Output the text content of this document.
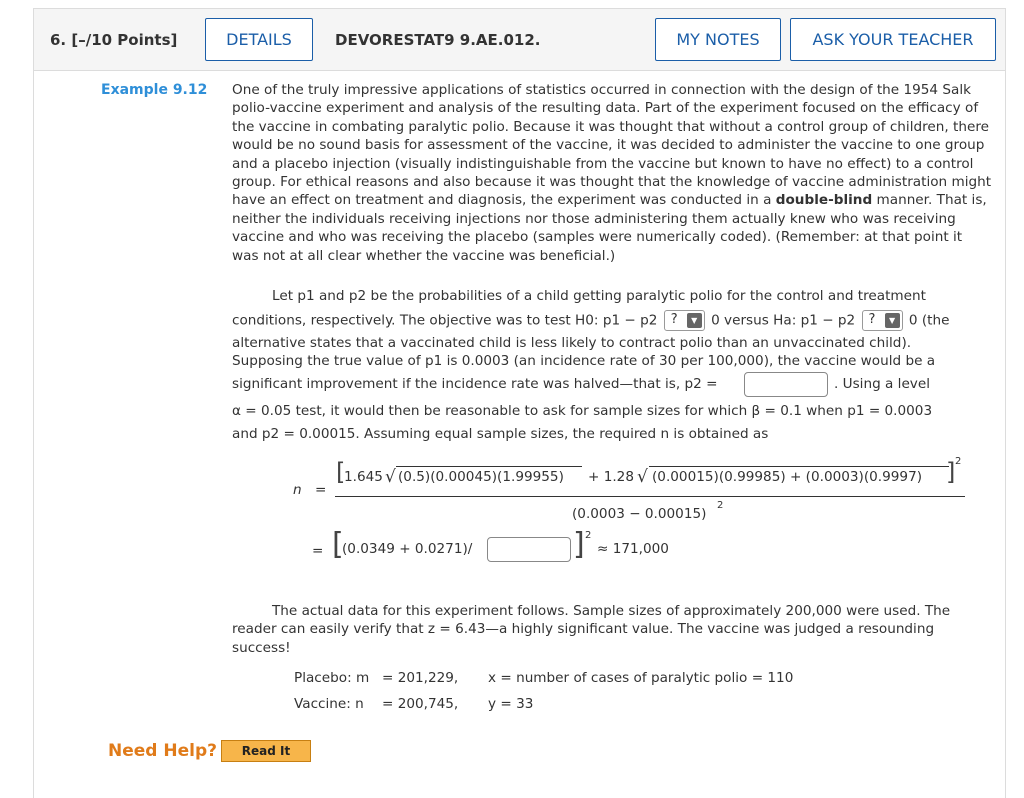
6. [–/10 Points]	DETAILS	DEVORESTAT9 9.AE.012.	MY NOTES	ASK YOUR TEACHER
Example 9.12 One of the truly impressive applications of statistics occurred in connection with the design of the 1954 Salk polio-vaccine experiment and analysis of the resulting data. Part of the experiment focused on the efficacy of the vaccine in combating paralytic polio. Because it was thought that without a control group of children, there would be no sound basis for assessment of the vaccine, it was decided to administer the vaccine to one group and a placebo injection (visually indistinguishable from the vaccine but known to have no effect) to a control group. For ethical reasons and also because it was thought that the knowledge of vaccine administration might have an effect on treatment and diagnosis, the experiment was conducted in a double-blind manner. That is, neither the individuals receiving injections nor those administering them actually knew who was receiving vaccine and who was receiving the placebo (samples were numerically coded). (Remember: at that point it was not at all clear whether the vaccine was beneficial.)

Let p1 and p2 be the probabilities of a child getting paralytic polio for the control and treatment
conditions, respectively. The objective was to test H0: p1 − p2 ?	▼	0 versus Ha: p1 − p2 ?	▼	0 (the
alternative states that a vaccinated child is less likely to contract polio than an unvaccinated child).
Supposing the true value of p1 is 0.0003 (an incidence rate of 30 per 100,000), the vaccine would be a
significant improvement if the incidence rate was halved—that is, p2 =	. Using a level
α = 0.05 test, it would then be reasonable to ask for sample sizes for which β = 0.1 when p1 = 0.0003
and p2 = 0.00015. Assuming equal sample sizes, the required n is obtained as
n =
[
1.645 √ (0.5)(0.00045)(1.99955) + 1.28 √ (0.00015)(0.99985) + (0.0003)(0.9997) ] 2
(0.0003 − 0.00015)
2
= [
(0.0349 + 0.0271)/	] 2
≈ 171,000
The actual data for this experiment follows. Sample sizes of approximately 200,000 were used. The reader can easily verify that z = 6.43—a highly significant value. The vaccine was judged a resounding success!
Placebo: m = 201,229, x = number of cases of paralytic polio = 110
Vaccine: n = 200,745, y = 33
Need Help?	Read It
